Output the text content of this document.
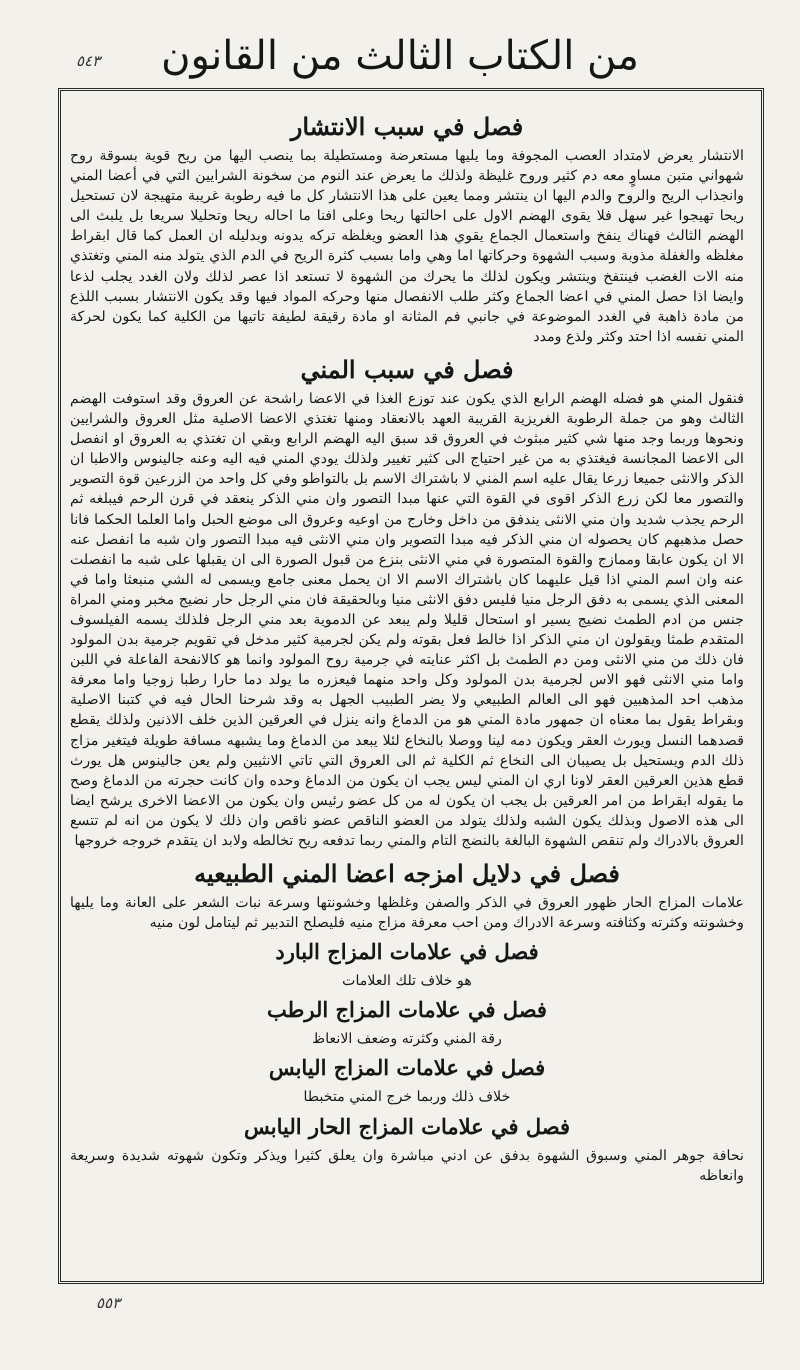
٥٤٣	من الكتاب الثالث من القانون
فصل في سبب الانتشار

الانتشار يعرض لامتداد العصب المجوفة وما يليها مستعرضة ومستطيلة بما ينصب اليها من ريح قوية بسوقة روح شهواني متبن مساوٍ معه دم كثير وروح غليظة ولذلك ما يعرض عند النوم من سخونة الشرايين التي في أعضا المني وانجذاب الريح والروح والدم اليها ان ينتشر ومما يعين على هذا الانتشار كل ما فيه رطوبة غريبة متهيجة لان تستحيل ريحا تهيجوا غير سهل فلا يقوى الهضم الاول على احالتها ريحا وعلى افنا ما احاله ريحا وتحليلا سريعا بل يلبث الى الهضم الثالث فهناك ينفخ واستعمال الجماع يقوي هذا العضو ويغلظه تركه يدونه وبدليله ان العمل كما قال ابقراط مغلظه والغفلة مذوبة وسبب الشهوة وحركاتها اما وهي واما بسبب كثرة الريح في الدم الذي يتولد منه المني وتغتذي منه الات الغضب فينتفخ وينتشر ويكون لذلك ما يحرك من الشهوة لا تستعد اذا عصر لذلك ولان الغدد يجلب لذعا وايضا اذا حصل المني في اعضا الجماع وكثر طلب الانفصال منها وحركه المواد فيها وقد يكون الانتشار بسبب اللذع من مادة ذاهبة في الغدد الموضوعة في جانبي فم المثانة او مادة رقيقة لطيفة تاتيها من الكلية كما يكون لحركة المني نفسه اذا احتد وكثر ولذع ومدد

فصل في سبب المني

فنقول المني هو فضله الهضم الرابع الذي يكون عند توزع الغذا في الاعضا راشحة عن العروق وقد استوفت الهضم الثالث وهو من جملة الرطوبة الغريزية القريبة العهد بالانعقاد ومنها تغتذي الاعضا الاصلية مثل العروق والشرايين ونحوها وربما وجد منها شي كثير مبثوث في العروق قد سبق اليه الهضم الرابع وبقي ان تغتذي به العروق او انفصل الى الاعضا المجانسة فيغتذي به من غير احتياج الى كثير تغيير ولذلك يودي المني فيه اليه وعنه جالينوس والاطبا ان الذكر والانثى جميعا زرعا يقال عليه اسم المني لا باشتراك الاسم بل بالتواطو وفي كل واحد من الزرعين قوة التصوير والتصور معا لكن زرع الذكر اقوى في القوة التي عنها مبدا التصور وان مني الذكر ينعقد في قرن الرحم فيبلغه ثم الرحم يجذب شديد وان مني الانثى يندفق من داخل وخارج من اوعيه وعروق الى موضع الحبل واما العلما الحكما فانا حصل مذهبهم كان يحصوله ان مني الذكر فيه مبدا التصوير وان مني الانثى فيه مبدا التصور وان شبه ما انفصل عنه الا ان يكون عابقا وممازج والقوة المتصورة في مني الانثى بنزع من قبول الصورة الى ان يقبلها على شبه ما انفصلت عنه وان اسم المني اذا قيل عليهما كان باشتراك الاسم الا ان يحمل معنى جامع ويسمى له الشي منبعثا واما في المعنى الذي يسمى به دفق الرجل منيا فليس دفق الانثى منيا وبالحقيقة فان مني الرجل حار نضيج مخبر ومني المراة جنس من ادم الطمث نضيج يسير او استحال قليلا ولم يبعد عن الدموية بعد مني الرجل فلذلك يسمه الفيلسوف المتقدم طمثا ويقولون ان مني الذكر اذا خالط فعل بقوته ولم يكن لجرمية كثير مدخل في تقويم جرمية بدن المولود فان ذلك من مني الانثى ومن دم الطمث بل اكثر عنايته في جرمية روح المولود وانما هو كالانفحة الفاعلة في اللبن واما مني الانثى فهو الاس لجرمية بدن المولود وكل واحد منهما فيعزره ما يولد دما حارا رطبا زوجيا واما معرفة مذهب احد المذهبين فهو الى العالم الطبيعي ولا يضر الطبيب الجهل به وقد شرحنا الحال فيه في كتبنا الاصلية وبقراط يقول بما معناه ان جمهور مادة المني هو من الدماغ وانه ينزل في العرقين الذين خلف الاذنين ولذلك يقطع قصدهما النسل ويورث العقر ويكون دمه لينا ووصلا بالنخاع لئلا يبعد من الدماغ وما يشبهه مسافة طويلة فيتغير مزاج ذلك الدم ويستحيل بل يصيبان الى النخاع ثم الكلية ثم الى العروق التي تاتي الانثيين ولم يعن جالينوس هل يورث قطع هذين العرقين العقر لاونا اري ان المني ليس يجب ان يكون من الدماغ وحده وان كانت حجرته من الدماغ وصح ما يقوله ابقراط من امر العرقين بل يجب ان يكون له من كل عضو رئيس وان يكون من الاعضا الاخرى يرشح ايضا الى هذه الاصول وبذلك يكون الشبه ولذلك يتولد من العضو الناقص عضو ناقص وان ذلك لا يكون من انه لم تتسع العروق بالادراك ولم تنقص الشهوة البالغة بالنضج التام والمني ربما تدفعه ريح تخالطه ولابد ان يتقدم خروجه خروجها

فصل في دلايل امزجه اعضا المني الطبيعيه

علامات المزاج الحار ظهور العروق في الذكر والصفن وغلظها وخشونتها وسرعة نبات الشعر على العانة وما يليها وخشونته وكثرته وكثافته وسرعة الادراك ومن احب معرفة مزاج منيه فليصلح التدبير ثم ليتامل لون منيه

فصل في علامات المزاج البارد

هو خلاف تلك العلامات

فصل في علامات المزاج الرطب

رقة المني وكثرته وضعف الانعاظ

فصل في علامات المزاج اليابس

خلاف ذلك وربما خرج المني متخبطا

فصل في علامات المزاج الحار اليابس

نحافة جوهر المني وسبوق الشهوة بدفق عن ادني مباشرة وان يعلق كثيرا ويذكر وتكون شهوته شديدة وسريعة وانعاظه

٥٥٣
